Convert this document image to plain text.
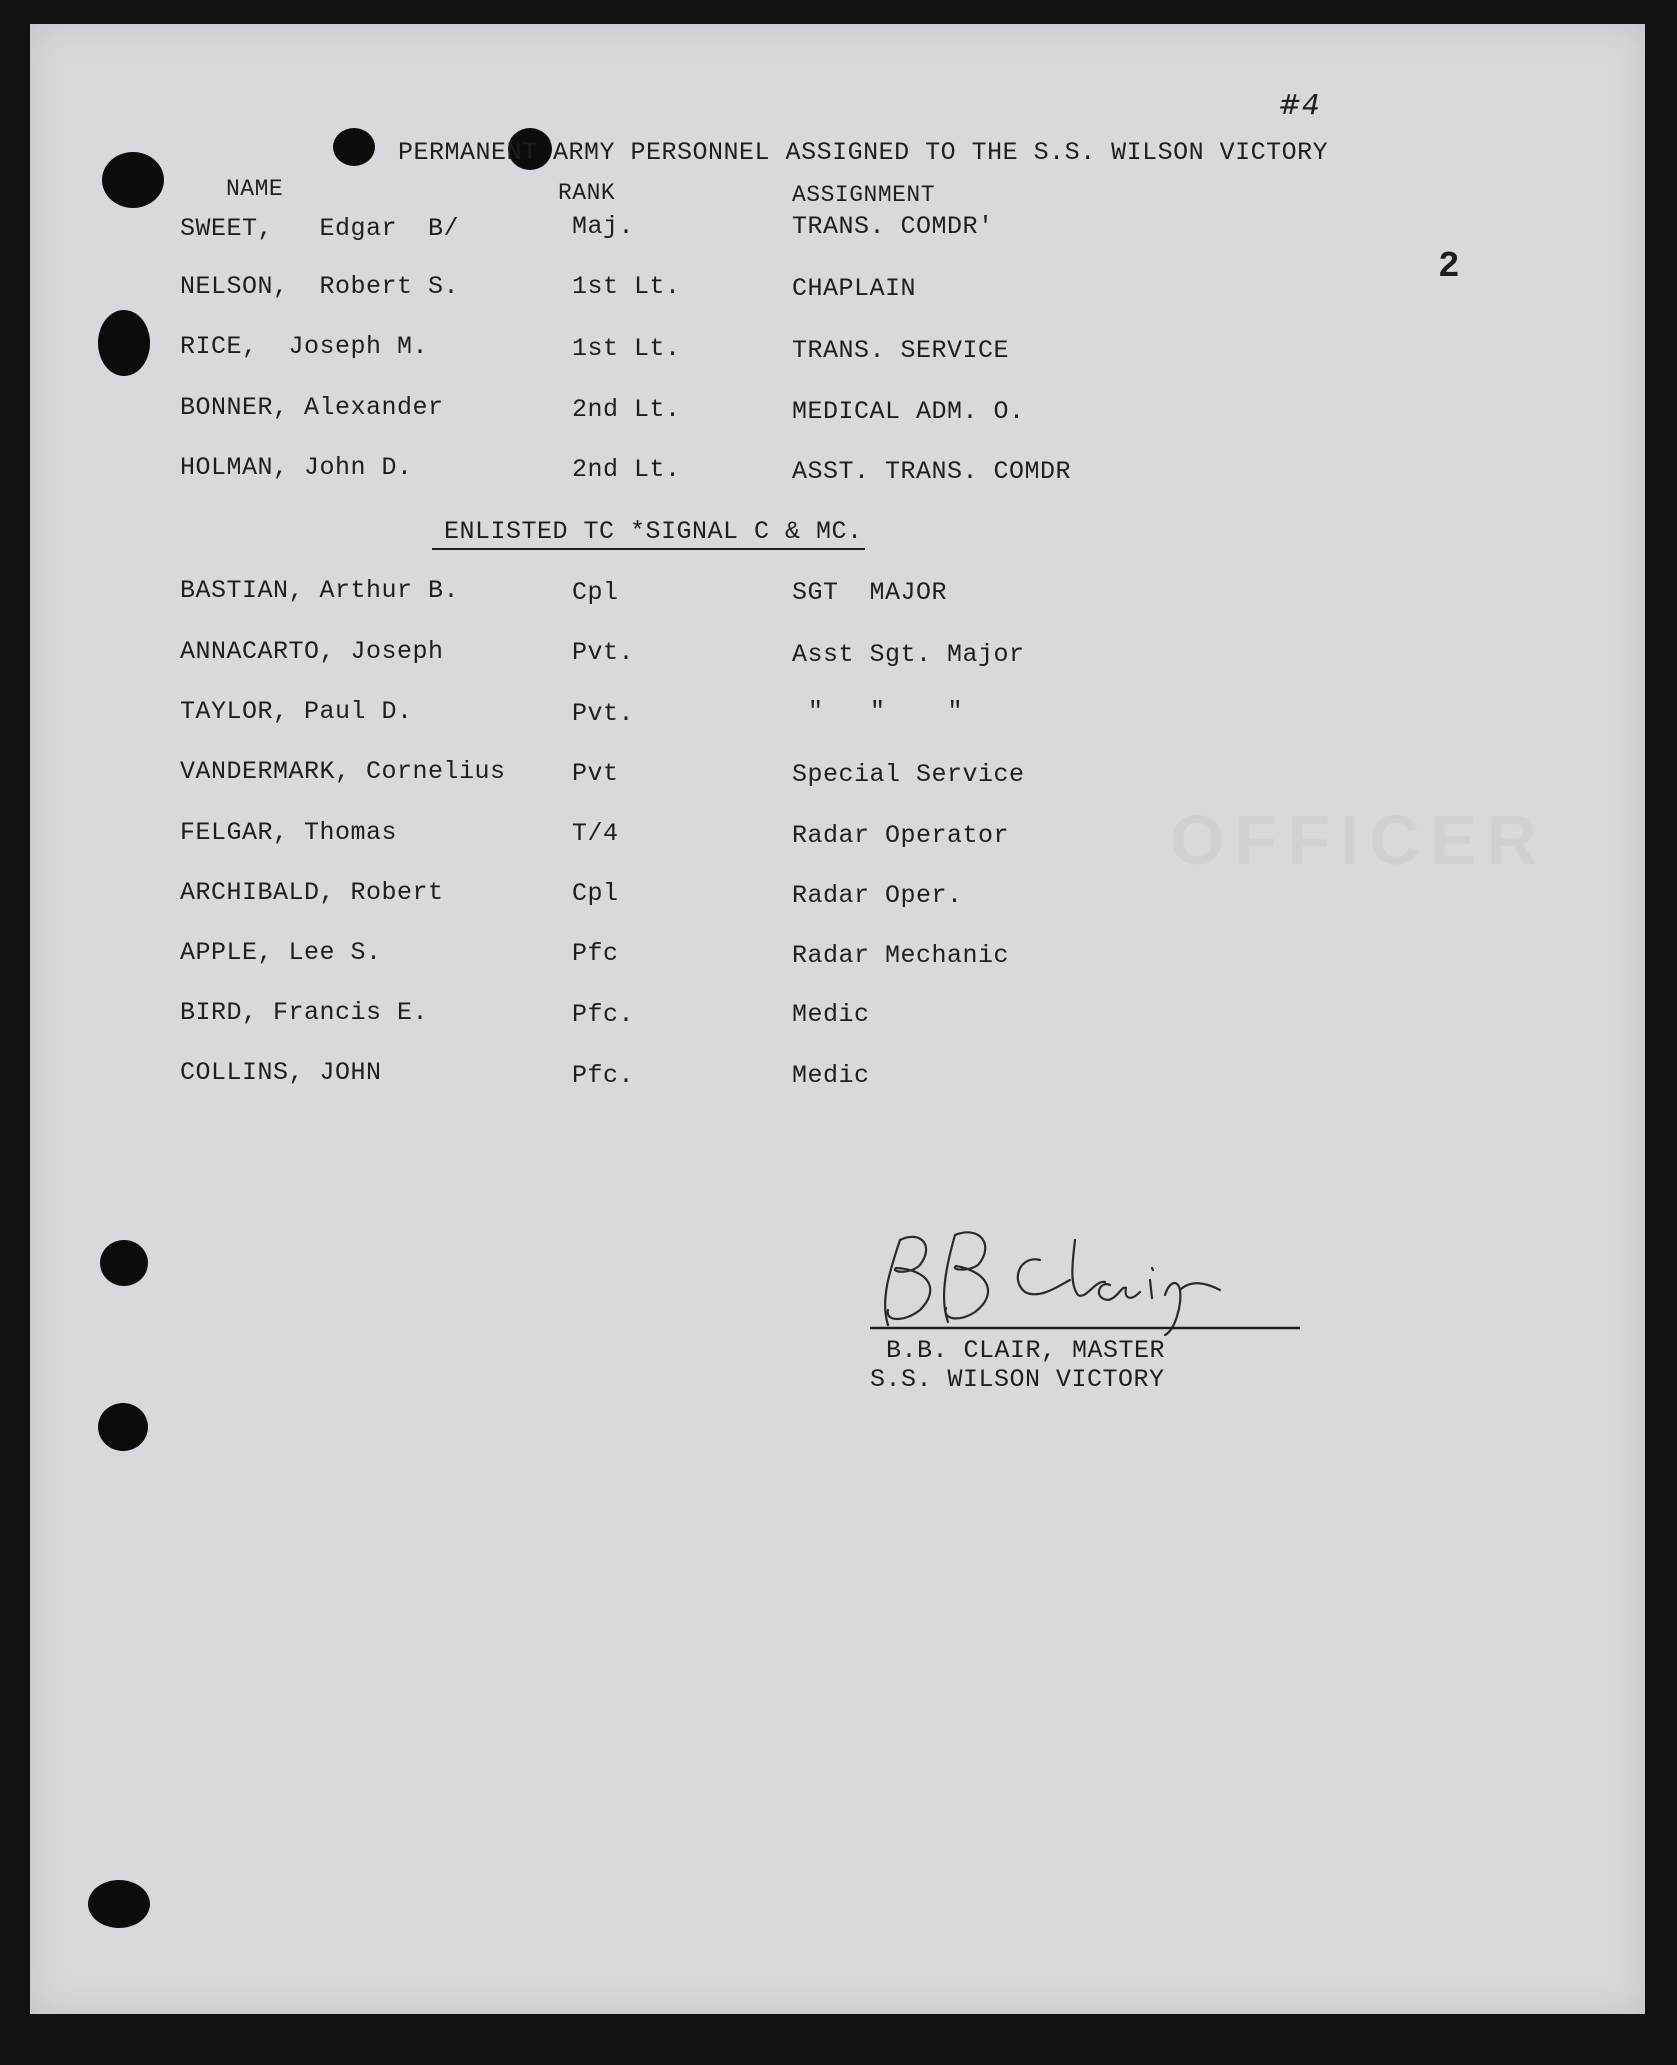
OFFICER
#4
2
PERMANENT ARMY PERSONNEL ASSIGNED TO THE S.S. WILSON VICTORY
NAME	RANK	ASSIGNMENT
SWEET,   Edgar  B/	Maj.	TRANS. COMDR'
NELSON,  Robert S.	1st Lt.	CHAPLAIN
RICE,  Joseph M.	1st Lt.	TRANS. SERVICE
BONNER, Alexander	2nd Lt.	MEDICAL ADM. O.
HOLMAN, John D.	2nd Lt.	ASST. TRANS. COMDR
ENLISTED TC *SIGNAL C & MC.
BASTIAN, Arthur B.	Cpl	SGT  MAJOR
ANNACARTO, Joseph	Pvt.	Asst Sgt. Major
TAYLOR, Paul D.	Pvt.	"   "    "
VANDERMARK, Cornelius	Pvt	Special Service
FELGAR, Thomas	T/4	Radar Operator
ARCHIBALD, Robert	Cpl	Radar Oper.
APPLE, Lee S.	Pfc	Radar Mechanic
BIRD, Francis E.	Pfc.	Medic
COLLINS, JOHN	Pfc.	Medic
B.B. CLAIR, MASTER
S.S. WILSON VICTORY
